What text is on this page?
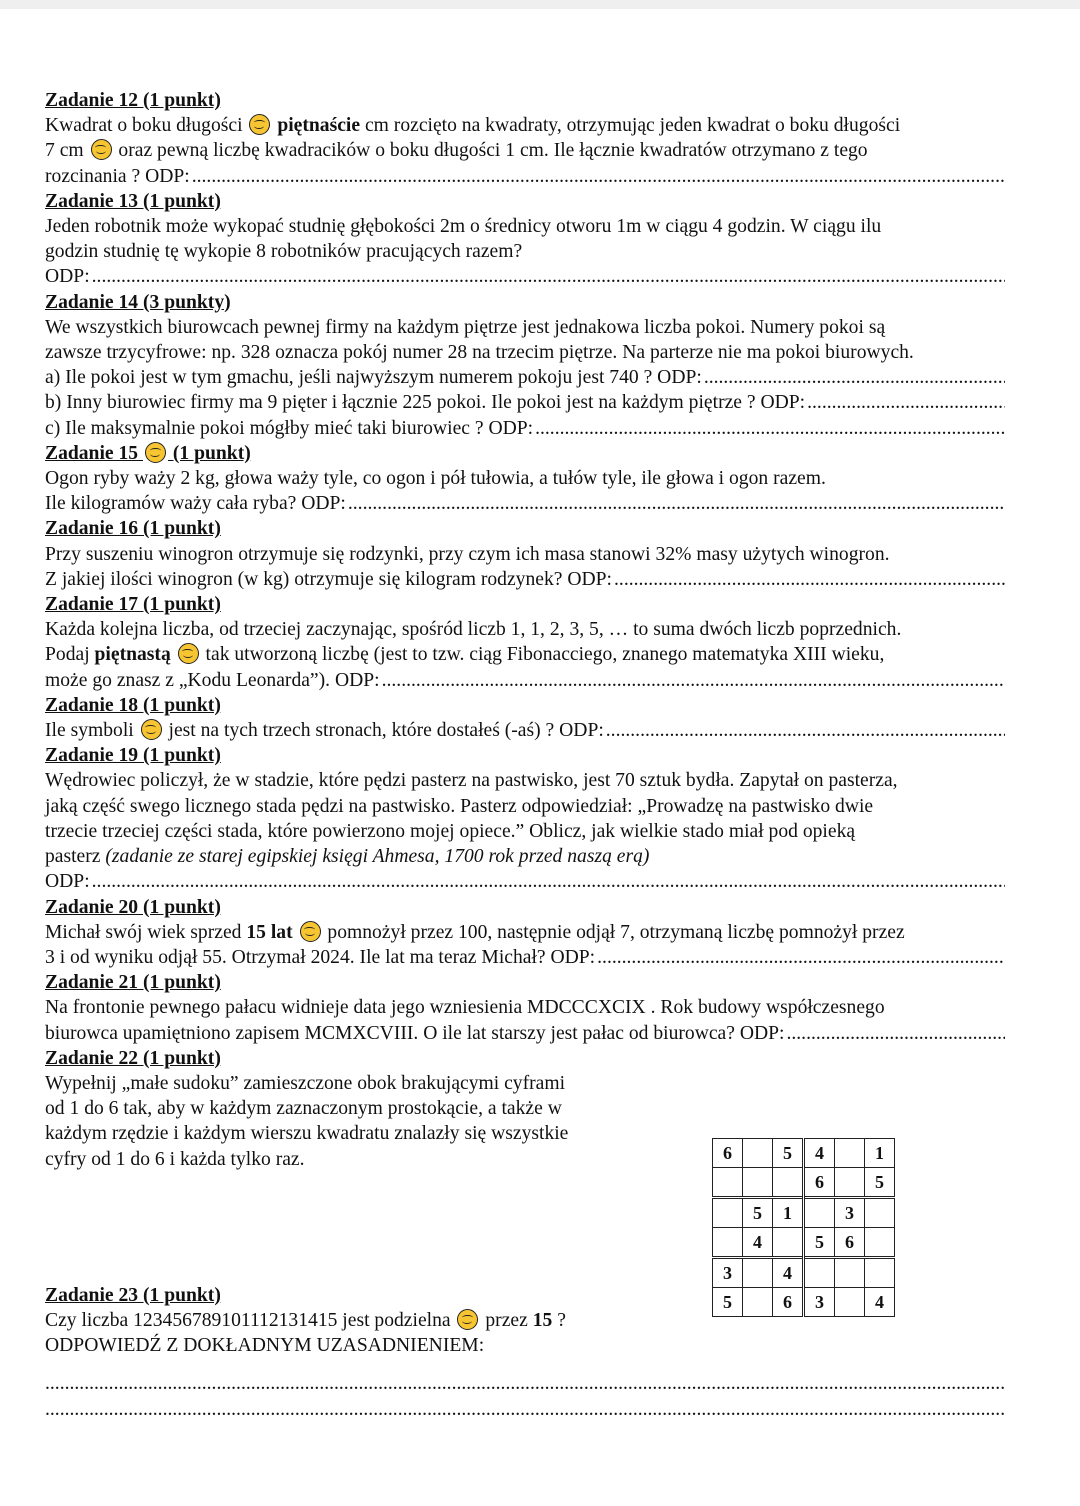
Zadanie 12 (1 punkt)

Kwadrat o boku długości  piętnaście cm rozcięto na kwadraty, otrzymując jeden kwadrat o boku długości

7 cm  oraz pewną liczbę kwadracików o boku długości 1 cm. Ile łącznie kwadratów otrzymano z tego

rozcinania ? ODP:
.....

Zadanie 13 (1 punkt)

Jeden robotnik może wykopać studnię głębokości 2m o średnicy otworu 1m w ciągu 4 godzin. W ciągu ilu

godzin studnię tę wykopie 8 robotników pracujących razem?

ODP:
.....

Zadanie 14 (3 punkty)

We wszystkich biurowcach pewnej firmy na każdym piętrze jest jednakowa liczba pokoi. Numery pokoi są

zawsze trzycyfrowe: np. 328 oznacza pokój numer 28 na trzecim piętrze. Na parterze nie ma pokoi biurowych.

a) Ile pokoi jest w tym gmachu, jeśli najwyższym numerem pokoju jest 740 ? ODP:
.....

b) Inny biurowiec firmy ma 9 pięter i łącznie 225 pokoi. Ile pokoi jest na każdym piętrze ? ODP:
.....

c) Ile maksymalnie pokoi mógłby mieć taki biurowiec ? ODP:
.....

Zadanie 15  (1 punkt)

Ogon ryby waży 2 kg, głowa waży tyle, co ogon i pół tułowia, a tułów tyle, ile głowa i ogon razem.

Ile kilogramów waży cała ryba? ODP:
.....

Zadanie 16 (1 punkt)

Przy suszeniu winogron otrzymuje się rodzynki, przy czym ich masa stanowi 32% masy użytych winogron.

Z jakiej ilości winogron (w kg) otrzymuje się kilogram rodzynek? ODP:
.....

Zadanie 17 (1 punkt)

Każda kolejna liczba, od trzeciej zaczynając, spośród liczb 1, 1, 2, 3, 5, … to suma dwóch liczb poprzednich.

Podaj piętnastą  tak utworzoną liczbę (jest to tzw. ciąg Fibonacciego, znanego matematyka XIII wieku,

może go znasz z „Kodu Leonarda”). ODP:
.....

Zadanie 18 (1 punkt)

Ile symboli  jest na tych trzech stronach, które dostałeś (-aś) ? ODP:
.....

Zadanie 19 (1 punkt)

Wędrowiec policzył, że w stadzie, które pędzi pasterz na pastwisko, jest 70 sztuk bydła. Zapytał on pasterza,

jaką część swego licznego stada pędzi na pastwisko. Pasterz odpowiedział: „Prowadzę na pastwisko dwie

trzecie trzeciej części stada, które powierzono mojej opiece.” Oblicz, jak wielkie stado miał pod opieką

pasterz (zadanie ze starej egipskiej księgi Ahmesa, 1700 rok przed naszą erą)

ODP:
.....

Zadanie 20 (1 punkt)

Michał swój wiek sprzed 15 lat  pomnożył przez 100, następnie odjął 7, otrzymaną liczbę pomnożył przez

3 i od wyniku odjął 55. Otrzymał 2024. Ile lat ma teraz Michał? ODP:
.....

Zadanie 21 (1 punkt)

Na frontonie pewnego pałacu widnieje data jego wzniesienia MDCCCXCIX . Rok budowy współczesnego

biurowca upamiętniono zapisem MCMXCVIII. O ile lat starszy jest pałac od biurowca? ODP:
.....

Zadanie 22 (1 punkt)

Wypełnij „małe sudoku” zamieszczone obok brakującymi cyframi

od 1 do 6 tak, aby w każdym zaznaczonym prostokącie, a także w

każdym rzędzie i każdym wierszu kwadratu znalazły się wszystkie

cyfry od 1 do 6 i każda tylko raz.

Zadanie 23 (1 punkt)

Czy liczba 123456789101112131415 jest podzielna  przez 15 ?

ODPOWIEDŹ Z DOKŁADNYM UZASADNIENIEM:

.....
.....
6		5	4		1
			6		5
	5	1		3	
	4		5	6	
3		4			
5		6	3		4
